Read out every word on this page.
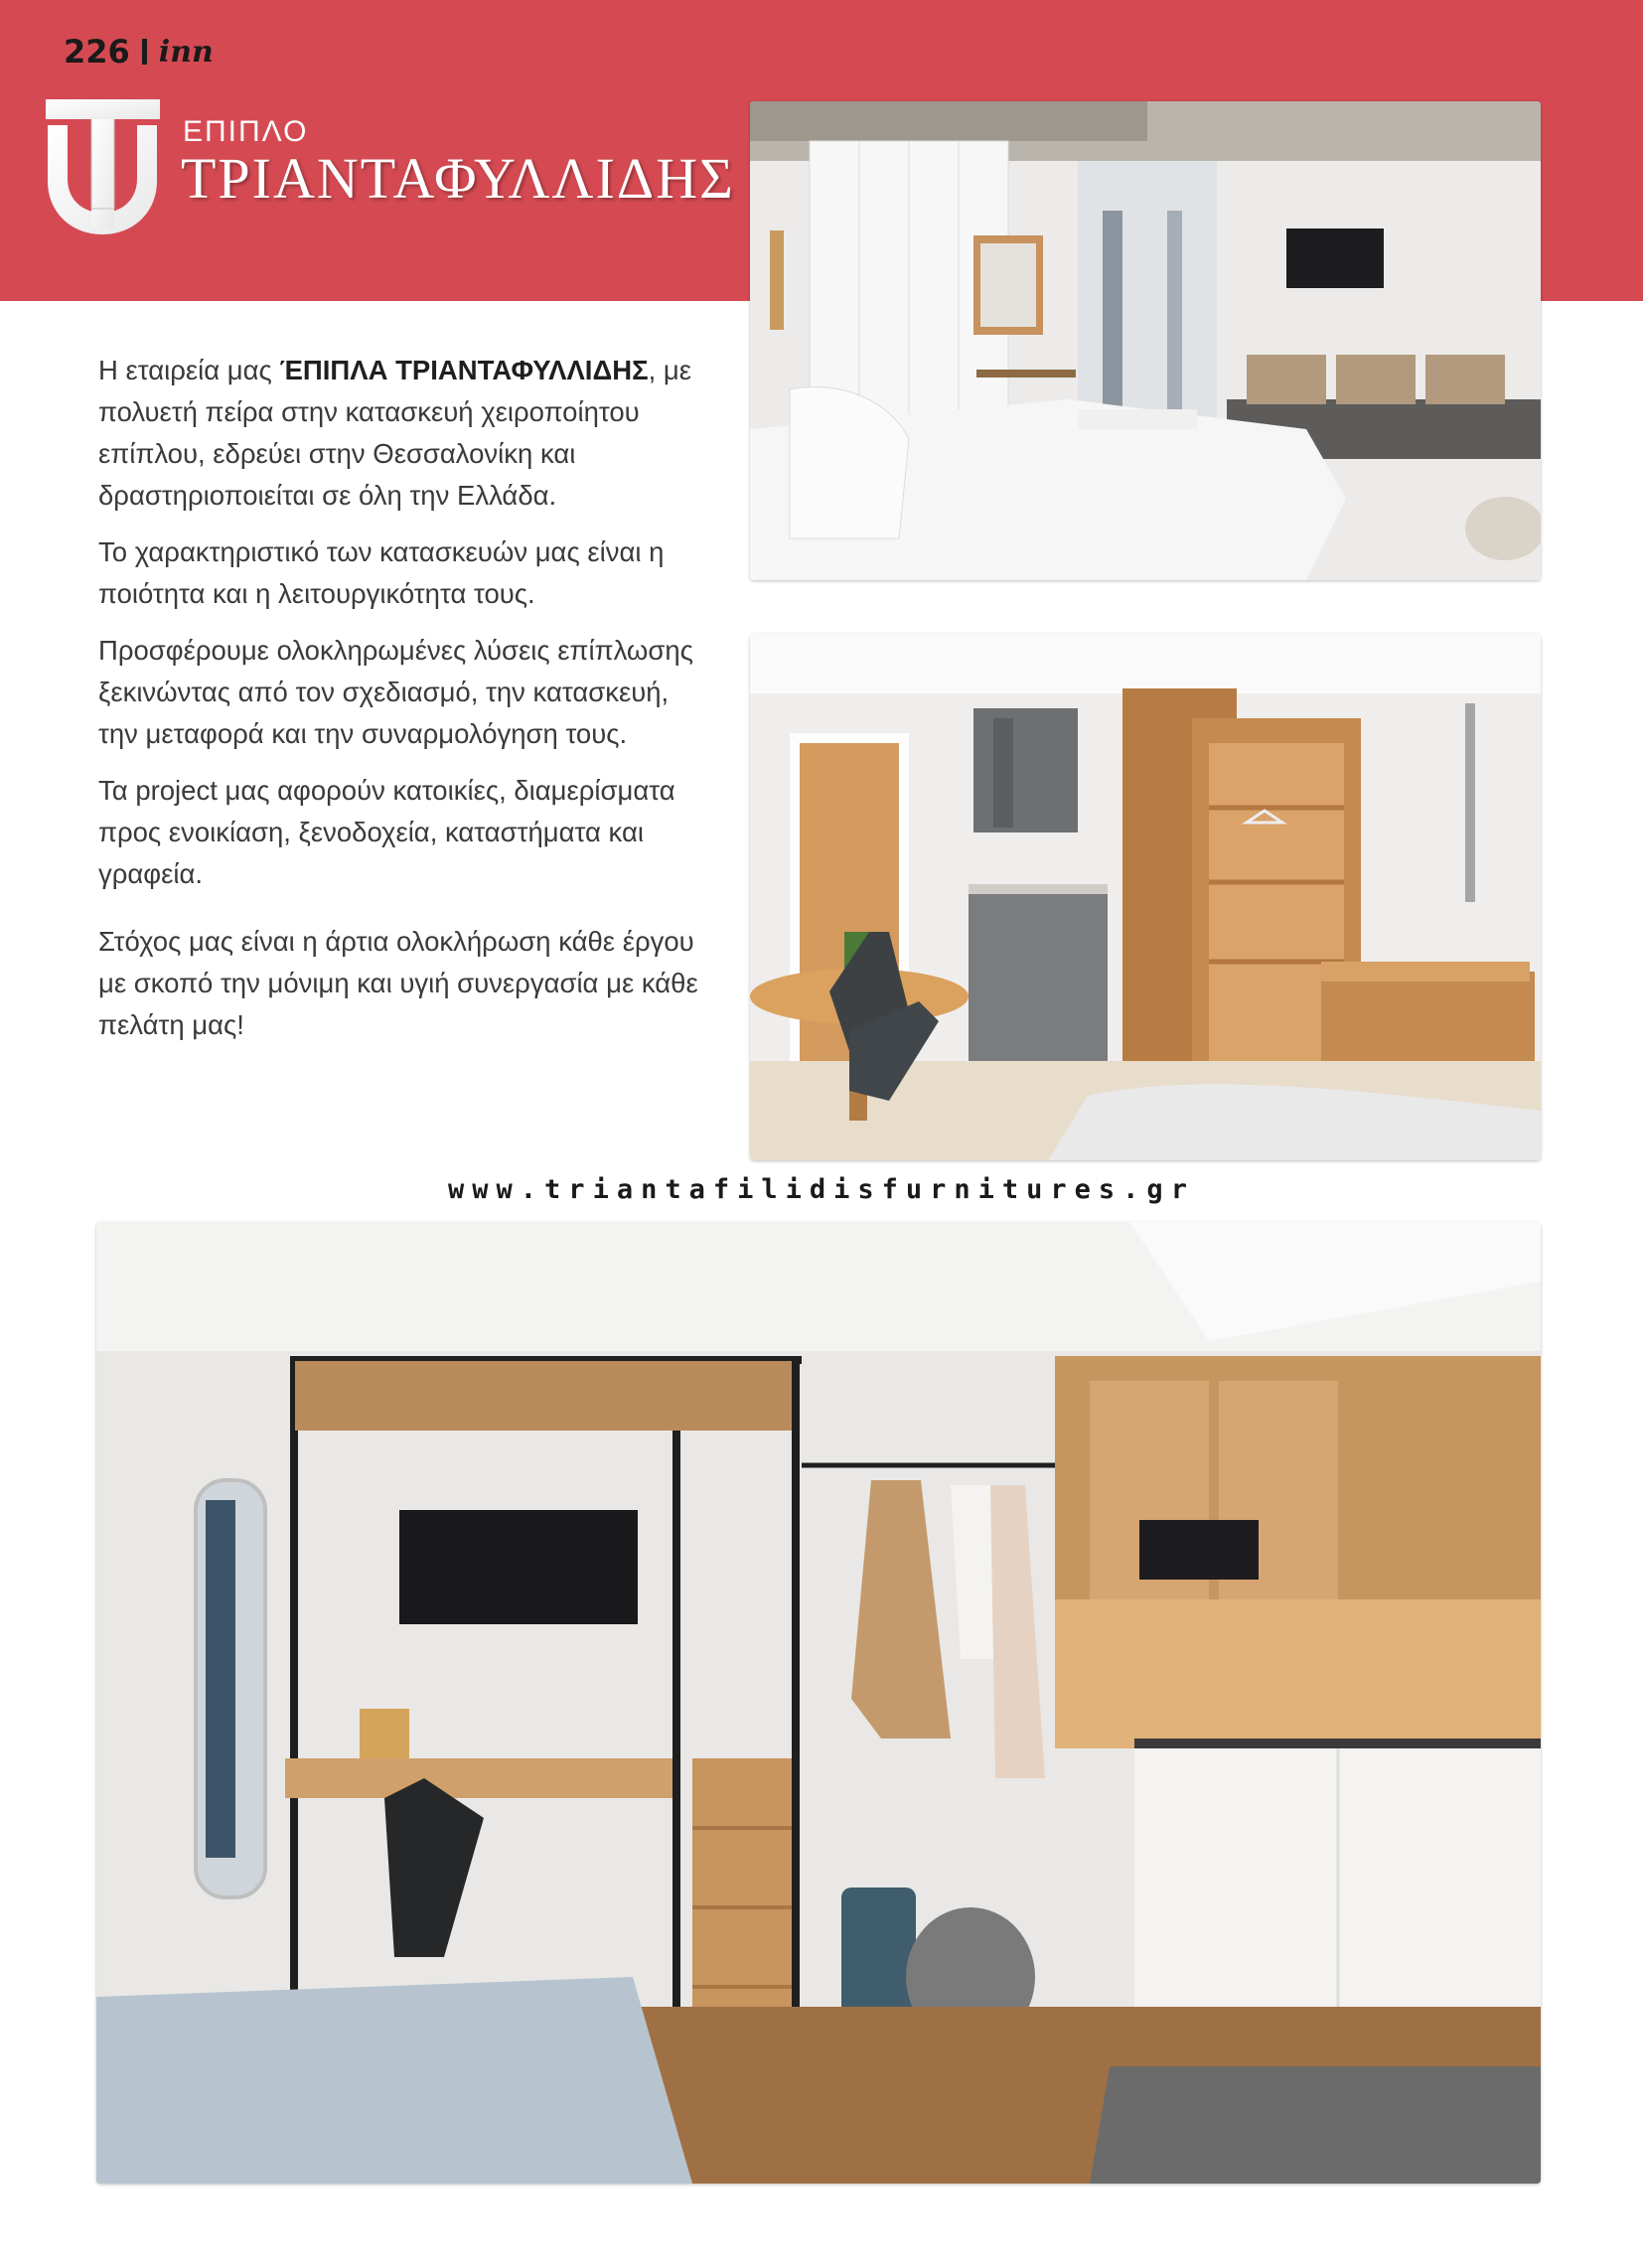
226 inn
ΕΠΙΠΛΟ
ΤΡΙΑΝΤΑΦΥΛΛΙΔΗΣ

Η εταιρεία μας ΈΠΙΠΛΑ ΤΡΙΑΝΤΑΦΥΛΛΙΔΗΣ, με πολυετή πείρα στην κατασκευή χειροποίητου επίπλου, εδρεύει στην Θεσσαλονίκη και δραστηριοποιείται σε όλη την Ελλάδα.

Το χαρακτηριστικό των κατασκευών μας είναι η ποιότητα και η λειτουργικότητα τους.

Προσφέρουμε ολοκληρωμένες λύσεις επίπλωσης ξεκινώντας από τον σχεδιασμό, την κατασκευή, την μεταφορά και την συναρμολόγηση τους.

Τα project μας αφορούν κατοικίες, διαμερίσματα προς ενοικίαση, ξενοδοχεία, καταστήματα και γραφεία.

Στόχος μας είναι η άρτια ολοκλήρωση κάθε έργου με σκοπό την μόνιμη και υγιή συνεργασία με κάθε πελάτη μας!

www.triantafilidisfurnitures.gr
